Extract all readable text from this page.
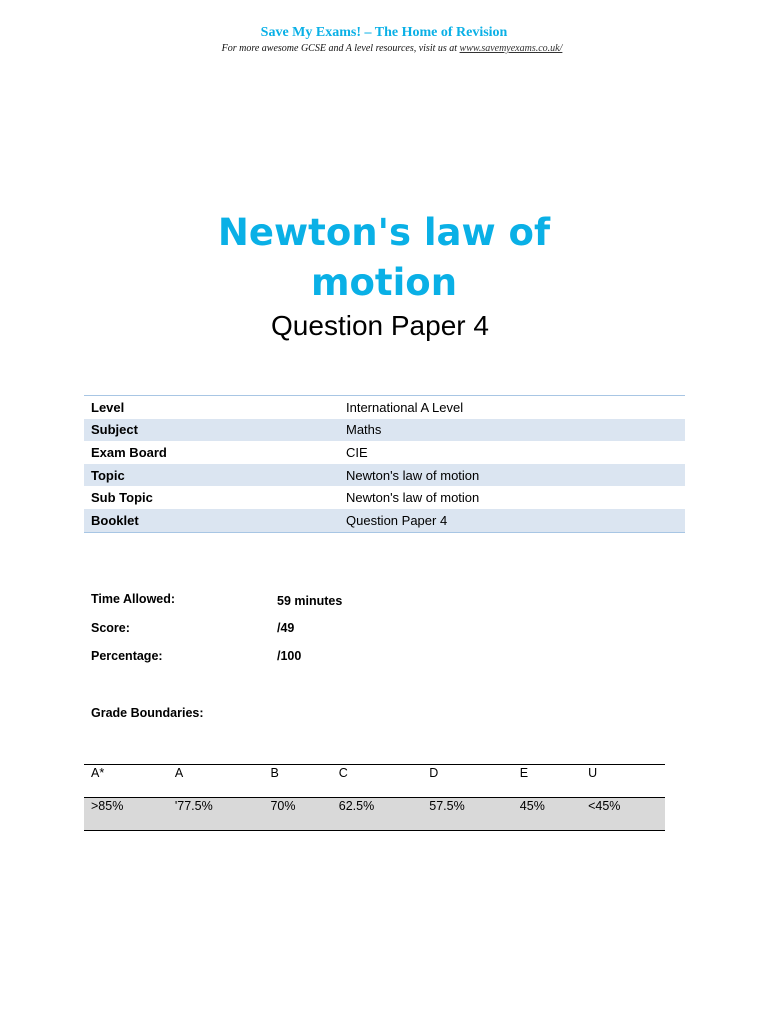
Save My Exams! – The Home of Revision
For more awesome GCSE and A level resources, visit us at www.savemyexams.co.uk/
Newton's law of
motion
Question Paper 4
Level	International A Level
Subject	Maths
Exam Board	CIE
Topic	Newton's law of motion
Sub Topic	Newton's law of motion
Booklet	Question Paper 4
Time Allowed:	59 minutes
Score:	/49
Percentage:	/100
Grade Boundaries:
A*	A	B	C	D	E	U
>85%	'77.5%	70%	62.5%	57.5%	45%	<45%
